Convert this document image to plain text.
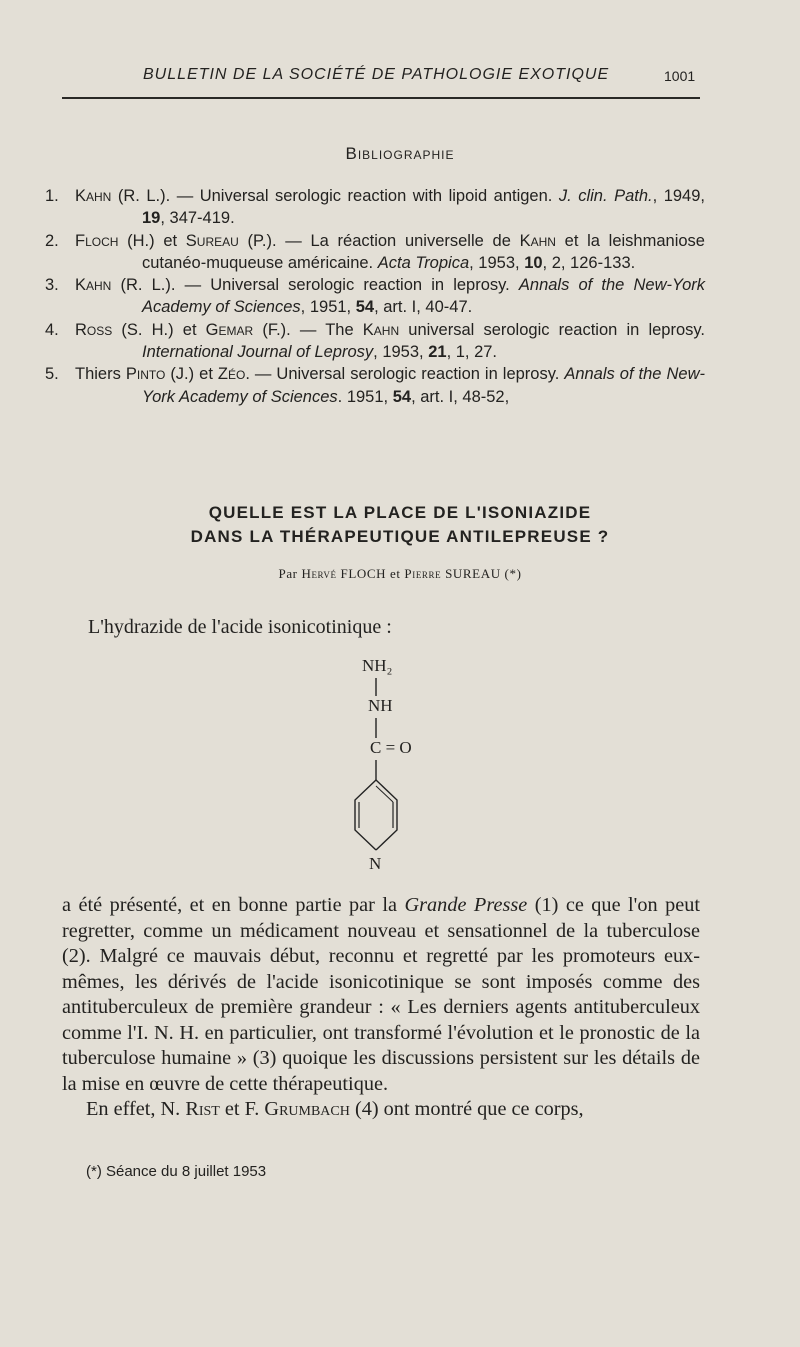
BULLETIN DE LA SOCIÉTÉ DE PATHOLOGIE EXOTIQUE	1001
Bibliographie
1. Kahn (R. L.). — Universal serologic reaction with lipoid antigen. J. clin. Path., 1949, 19, 347-419.
2. Floch (H.) et Sureau (P.). — La réaction universelle de Kahn et la leishmaniose cutanéo-muqueuse américaine. Acta Tropica, 1953, 10, 2, 126-133.
3. Kahn (R. L.). — Universal serologic reaction in leprosy. Annals of the New-York Academy of Sciences, 1951, 54, art. I, 40-47.
4. Ross (S. H.) et Gemar (F.). — The Kahn universal serologic reaction in leprosy. International Journal of Leprosy, 1953, 21, 1, 27.
5. Thiers Pinto (J.) et Zéo. — Universal serologic reaction in leprosy. Annals of the New-York Academy of Sciences. 1951, 54, art. I, 48-52,
QUELLE EST LA PLACE DE L'ISONIAZIDE
DANS LA THÉRAPEUTIQUE ANTILEPREUSE ?
Par Hervé FLOCH et Pierre SUREAU (*)
L'hydrazide de l'acide isonicotinique :
NH₂
NH
C = O
N

a été présenté, et en bonne partie par la Grande Presse (1) ce que l'on peut regretter, comme un médicament nouveau et sensationnel de la tuberculose (2). Malgré ce mauvais début, reconnu et regretté par les promoteurs eux-mêmes, les dérivés de l'acide isonicotinique se sont imposés comme des antituberculeux de première grandeur : « Les derniers agents antituberculeux comme l'I. N. H. en particulier, ont transformé l'évolution et le pronostic de la tuberculose humaine » (3) quoique les discussions persistent sur les détails de la mise en œuvre de cette thérapeutique.

En effet, N. Rist et F. Grumbach (4) ont montré que ce corps,

(*) Séance du 8 juillet 1953
